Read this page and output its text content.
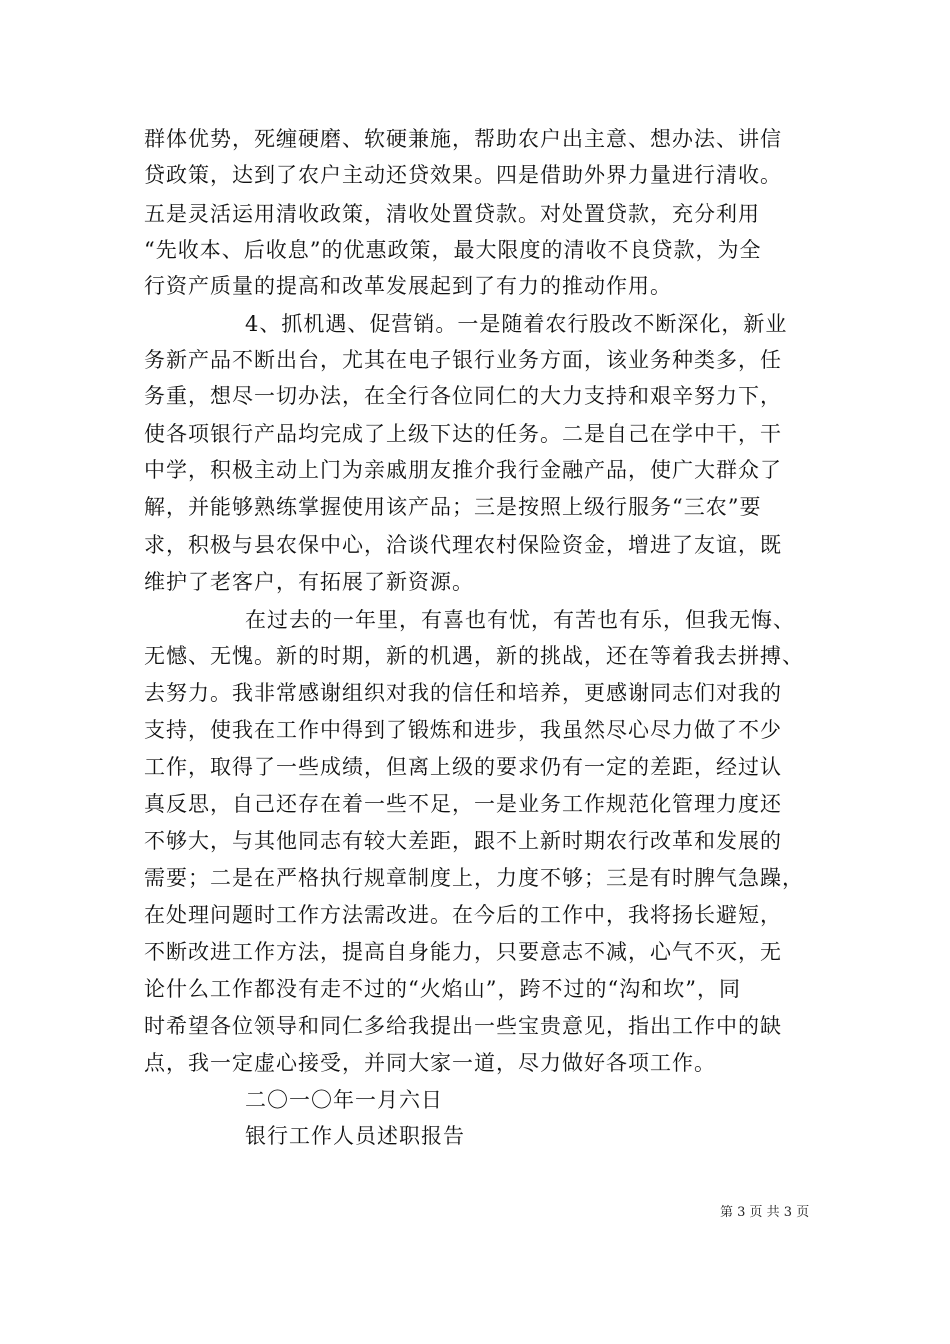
群体优势，死缠硬磨、软硬兼施，帮助农户出主意、想办法、讲信
贷政策，达到了农户主动还贷效果。四是借助外界力量进行清收。
五是灵活运用清收政策，清收处置贷款。对处置贷款，充分利用
“先收本、后收息”的优惠政策，最大限度的清收不良贷款，为全
行资产质量的提高和改革发展起到了有力的推动作用。
4、抓机遇、促营销。一是随着农行股改不断深化，新业
务新产品不断出台，尤其在电子银行业务方面，该业务种类多，任
务重，想尽一切办法，在全行各位同仁的大力支持和艰辛努力下，
使各项银行产品均完成了上级下达的任务。二是自己在学中干，干
中学，积极主动上门为亲戚朋友推介我行金融产品，使广大群众了
解，并能够熟练掌握使用该产品；三是按照上级行服务“三农”要
求，积极与县农保中心，洽谈代理农村保险资金，增进了友谊，既
维护了老客户，有拓展了新资源。
在过去的一年里，有喜也有忧，有苦也有乐，但我无悔、
无憾、无愧。新的时期，新的机遇，新的挑战，还在等着我去拼搏、
去努力。我非常感谢组织对我的信任和培养，更感谢同志们对我的
支持，使我在工作中得到了锻炼和进步，我虽然尽心尽力做了不少
工作，取得了一些成绩，但离上级的要求仍有一定的差距，经过认
真反思，自己还存在着一些不足，一是业务工作规范化管理力度还
不够大，与其他同志有较大差距，跟不上新时期农行改革和发展的
需要；二是在严格执行规章制度上，力度不够；三是有时脾气急躁，
在处理问题时工作方法需改进。在今后的工作中，我将扬长避短，
不断改进工作方法，提高自身能力，只要意志不减，心气不灭，无
论什么工作都没有走不过的“火焰山”，跨不过的“沟和坎”，同
时希望各位领导和同仁多给我提出一些宝贵意见，指出工作中的缺
点，我一定虚心接受，并同大家一道，尽力做好各项工作。
二〇一〇年一月六日
银行工作人员述职报告
第 3 页 共 3 页
